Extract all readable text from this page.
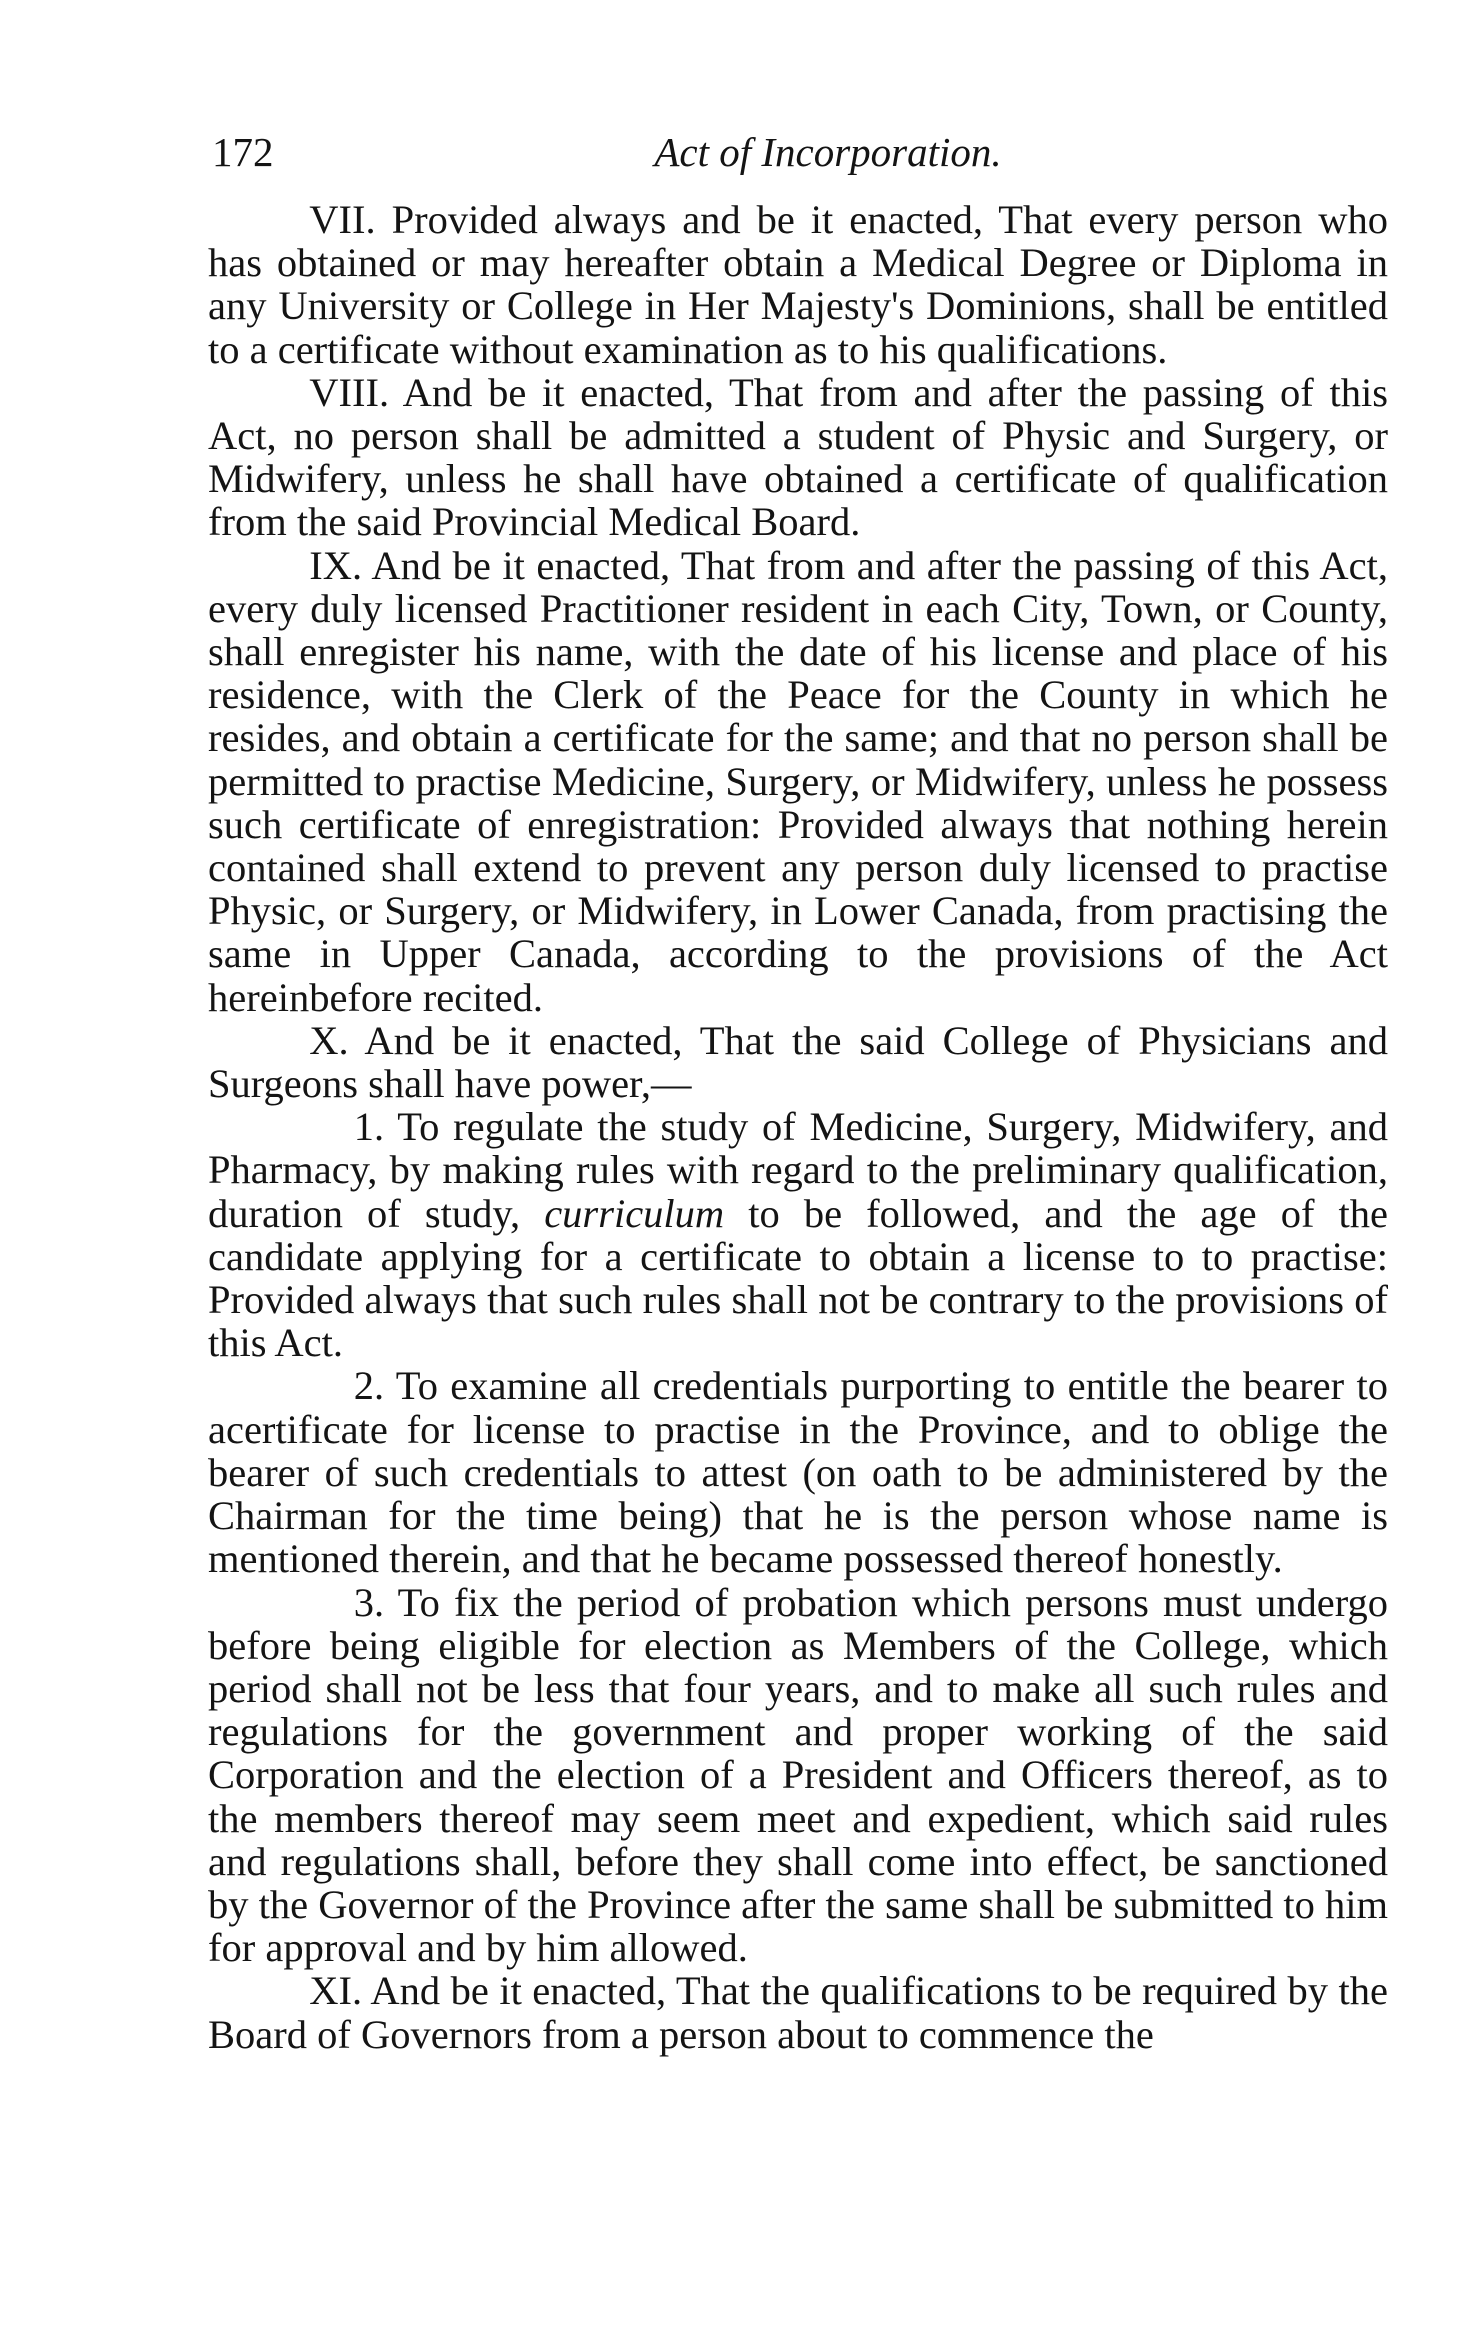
172	Act of Incorporation.

VII. Provided always and be it enacted, That every person who has obtained or may hereafter obtain a Medical Degree or Diploma in any University or College in Her Majesty's Dominions, shall be entitled to a certificate without examination as to his qualifications.

VIII. And be it enacted, That from and after the passing of this Act, no person shall be admitted a student of Physic and Surgery, or Midwifery, unless he shall have obtained a certificate of qualification from the said Provincial Medical Board.

IX. And be it enacted, That from and after the passing of this Act, every duly licensed Practitioner resident in each City, Town, or County, shall enregister his name, with the date of his license and place of his residence, with the Clerk of the Peace for the County in which he resides, and obtain a certificate for the same; and that no person shall be permitted to practise Medicine, Surgery, or Midwifery, unless he possess such certificate of enregistration: Provided always that nothing herein contained shall extend to prevent any person duly licensed to practise Physic, or Surgery, or Midwifery, in Lower Canada, from practising the same in Upper Canada, according to the provisions of the Act hereinbefore recited.

X. And be it enacted, That the said College of Physicians and Surgeons shall have power,—

1. To regulate the study of Medicine, Surgery, Midwifery, and Pharmacy, by making rules with regard to the preliminary qualification, duration of study, curriculum to be followed, and the age of the candidate applying for a certificate to obtain a license to to practise: Provided always that such rules shall not be contrary to the provisions of this Act.

2. To examine all credentials purporting to entitle the bearer to acertificate for license to practise in the Province, and to oblige the bearer of such credentials to attest (on oath to be administered by the Chairman for the time being) that he is the person whose name is mentioned therein, and that he became possessed thereof honestly.

3. To fix the period of probation which persons must undergo before being eligible for election as Members of the College, which period shall not be less that four years, and to make all such rules and regulations for the government and proper working of the said Corporation and the election of a President and Officers thereof, as to the members thereof may seem meet and expedient, which said rules and regulations shall, before they shall come into effect, be sanctioned by the Governor of the Province after the same shall be submitted to him for approval and by him allowed.

XI. And be it enacted, That the qualifications to be required by the Board of Governors from a person about to commence the
